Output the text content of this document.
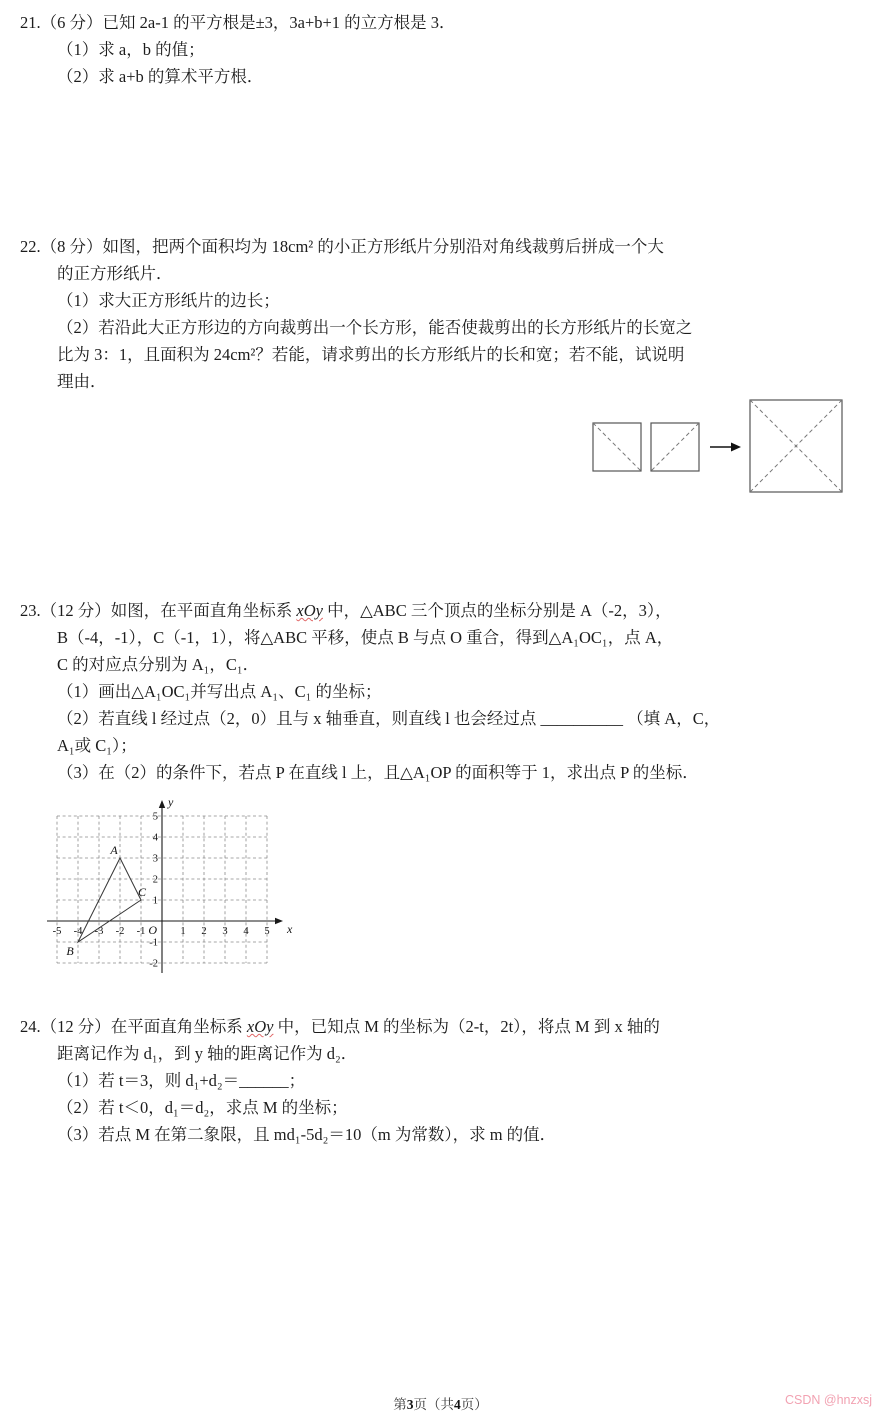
21.（6 分）已知 2a-1 的平方根是±3，3a+b+1 的立方根是 3．
（1）求 a，b 的值；
（2）求 a+b 的算术平方根．
22.（8 分）如图，把两个面积均为 18cm² 的小正方形纸片分别沿对角线裁剪后拼成一个大
的正方形纸片．
（1）求大正方形纸片的边长；
（2）若沿此大正方形边的方向裁剪出一个长方形，能否使裁剪出的长方形纸片的长宽之
比为 3：1，且面积为 24cm²？若能，请求剪出的长方形纸片的长和宽；若不能，试说明
理由．
23.（12 分）如图，在平面直角坐标系 xOy 中，△ABC 三个顶点的坐标分别是 A（-2，3），
B（-4，-1），C（-1，1），将△ABC 平移，使点 B 与点 O 重合，得到△A₁OC₁，点 A，
C 的对应点分别为 A₁，C₁．
（1）画出△A₁OC₁并写出点 A₁、C₁ 的坐标；
（2）若直线 l 经过点（2，0）且与 x 轴垂直，则直线 l 也会经过点 __________ （填 A，C，
A₁或 C₁）；
（3）在（2）的条件下，若点 P 在直线 l 上，且△A₁OP 的面积等于 1，求出点 P 的坐标．
-5 -4 -3 -2 -1	1 2 3 4 5
-2
-1
1
2
3
4
5
O	x
y
A
B
C
24.（12 分）在平面直角坐标系 xOy 中，已知点 M 的坐标为（2-t，2t），将点 M 到 x 轴的
距离记作为 d₁，到 y 轴的距离记作为 d₂．
（1）若 t＝3，则 d₁+d₂＝______；
（2）若 t＜0，d₁＝d₂，求点 M 的坐标；
（3）若点 M 在第二象限，且 md₁-5d₂＝10（m 为常数），求 m 的值．
第3页（共4页）	CSDN @hnzxsj
